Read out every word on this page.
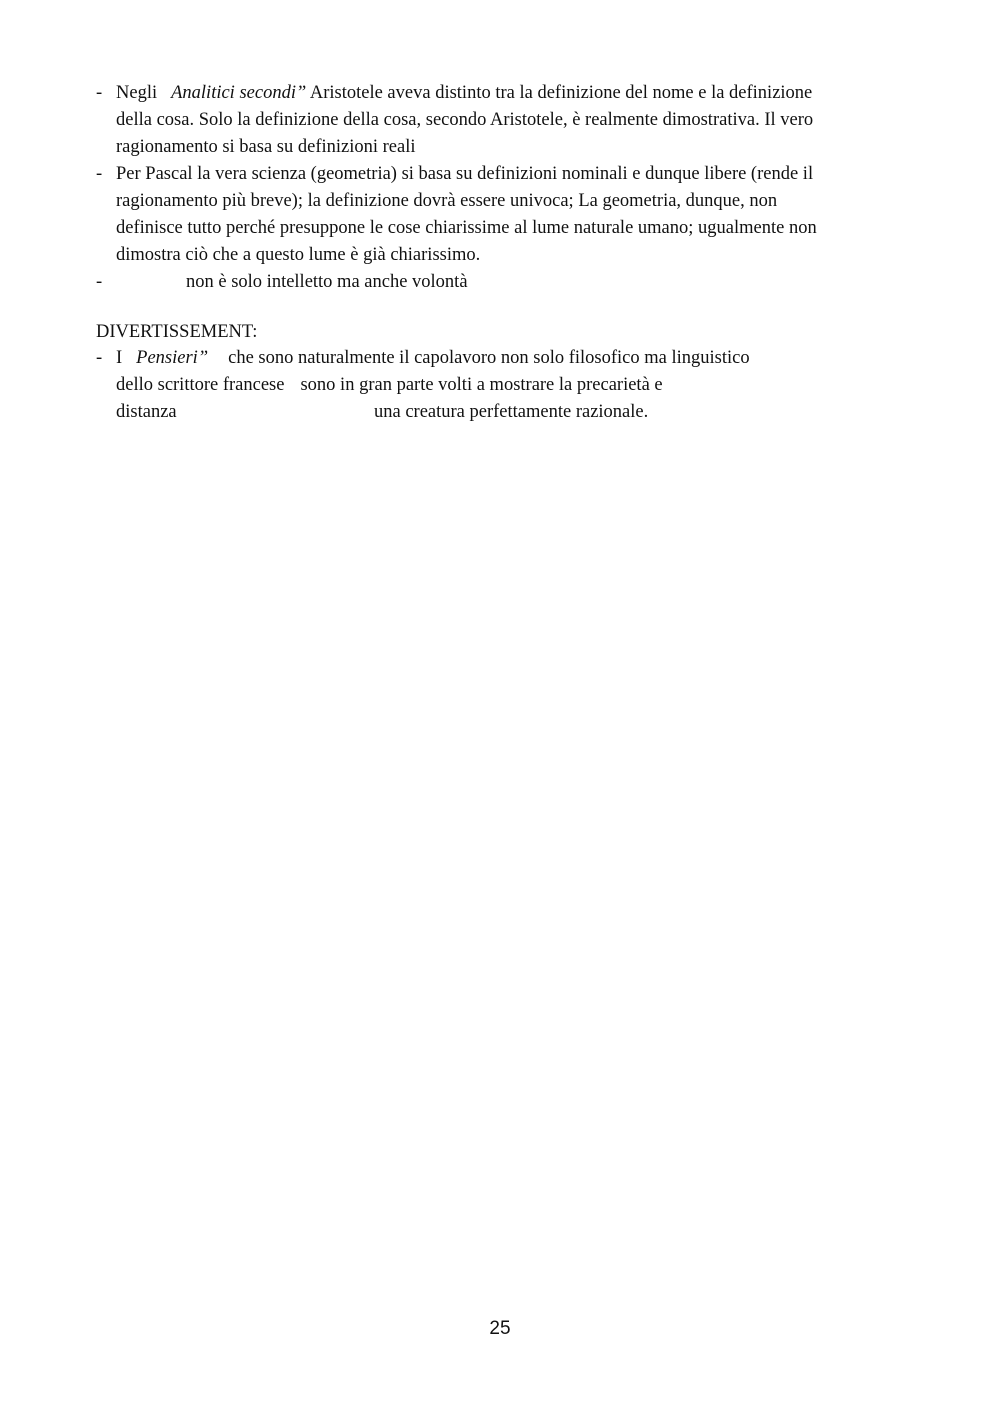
- Negli Analitici secondi” Aristotele aveva distinto tra la definizione del nome e la definizione
della cosa. Solo la definizione della cosa, secondo Aristotele, è realmente dimostrativa. Il vero
ragionamento si basa su definizioni reali
- Per Pascal la vera scienza (geometria) si basa su definizioni nominali e dunque libere (rende il
ragionamento più breve); la definizione dovrà essere univoca; La geometria, dunque, non
definisce tutto perché presuppone le cose chiarissime al lume naturale umano; ugualmente non
dimostra ciò che a questo lume è già chiarissimo.
-	non è solo intelletto ma anche volontà
DIVERTISSEMENT:
- I Pensieri” che sono naturalmente il capolavoro non solo filosofico ma linguistico
dello scrittore francese sono in gran parte volti a mostrare la precarietà e
distanza	una creatura perfettamente razionale.
25
